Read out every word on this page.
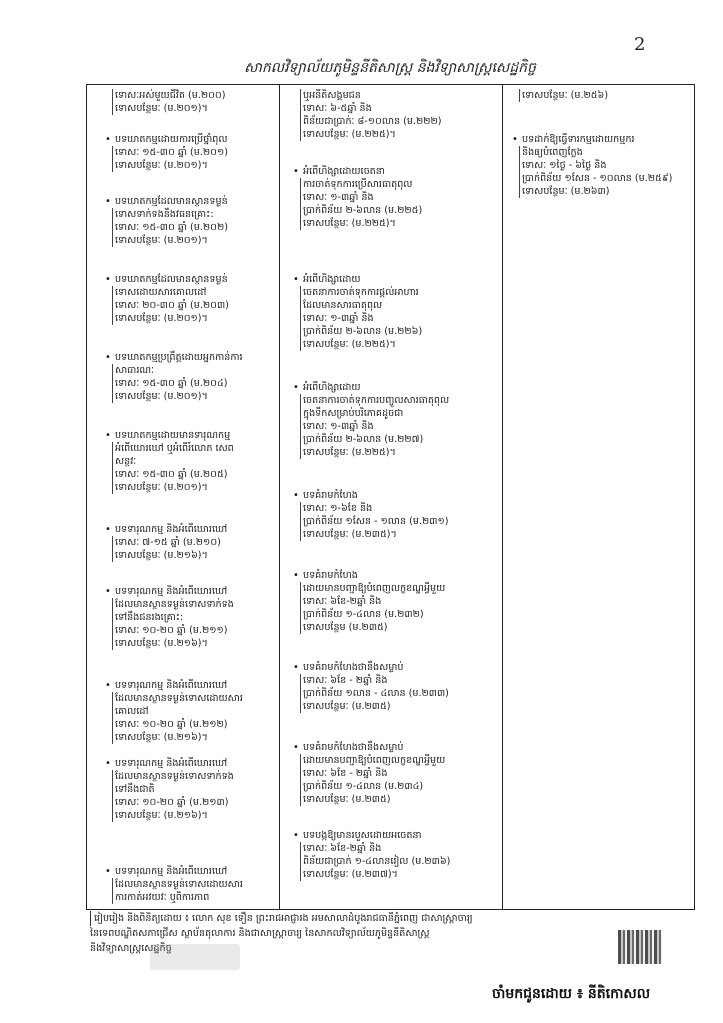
2
សាកលវិទ្យាល័យភូមិន្ទនីតិសាស្ត្រ និងវិទ្យាសាស្ត្រសេដ្ឋកិច្ច
ទោសៈអស់មួយជីវិត (ម.២០០)
ទោសបន្ថែមៈ (ម.២០១)។
• បទឃាតកម្មដោយការប្រើថ្នាំពុល
ទោសៈ ១៥-៣០ ឆ្នាំ (ម.២០១)
ទោសបន្ថែមៈ (ម.២០១)។
• បទឃាតកម្មដែលមានស្ថានទម្ងន់
ទោសទាក់ទងនឹងវធនគ្រោះ:
ទោសៈ ១៥-៣០ ឆ្នាំ (ម.២០២)
ទោសបន្ថែមៈ (ម.២០១)។
• បទឃាតកម្មដែលមានស្ថានទម្ងន់
ទោសដោយសារគោលដៅ
ទោសៈ ២០-៣០ ឆ្នាំ (ម.២០៣)
ទោសបន្ថែមៈ (ម.២០១)។
• បទឃាតកម្មប្រព្រឹត្តដោយអ្នកកាន់ការ
សាធារណៈ
ទោសៈ ១៥-៣០ ឆ្នាំ (ម.២០៤)
ទោសបន្ថែមៈ (ម.២០១)។
• បទឃាតកម្មដោយមានទារុណកម្ម
អំពើឃោរឃៅ ឬអំពើរំលោភ សេព
សន្ថវៈ
ទោសៈ ១៥-៣០ ឆ្នាំ (ម.២០៥)
ទោសបន្ថែមៈ (ម.២០១)។
• បទទារុណកម្ម និងអំពើឃោរឃៅ
ទោសៈ ៧-១៥ ឆ្នាំ (ម.២១០)
ទោសបន្ថែមៈ (ម.២១៦)។
• បទទារុណកម្ម និងអំពើឃោរឃៅ
ដែលមានស្ថានទម្ងន់ទោសទាក់ទង
ទៅនឹងជនរងគ្រោះ:
ទោសៈ ១០-២០ ឆ្នាំ (ម.២១១)
ទោសបន្ថែមៈ (ម.២១៦)។
• បទទារុណកម្ម និងអំពើឃោរឃៅ
ដែលមានស្ថានទម្ងន់ទោសដោយសារ
គោលដៅ
ទោសៈ ១០-២០ ឆ្នាំ (ម.២១២)
ទោសបន្ថែមៈ (ម.២១៦)។
• បទទារុណកម្ម និងអំពើឃោរឃៅ
ដែលមានស្ថានទម្ងន់ទោសទាក់ទង
ទៅនឹងជាតិ
ទោសៈ ១០-២០ ឆ្នាំ (ម.២១៣)
ទោសបន្ថែមៈ (ម.២១៦)។
• បទទារុណកម្ម និងអំពើឃោរឃៅ
ដែលមានស្ថានទម្ងន់ទោសដោយសារ
ការកាត់អវយវៈ ឬពិការភាព
ឬអនីតិសង្គមជន
ទោសៈ ៦-៥ឆ្នាំ និង
ពិន័យជាប្រាក់ៈ ៨-១០លាន (ម.២២២)
ទោសបន្ថែមៈ (ម.២២៥)។
• អំពើហិង្សាដោយចេតនា
ការចាត់ទុកការប្រើសារធាតុពុល
ទោសៈ ១-៣ឆ្នាំ និង
ប្រាក់ពិន័យ ២-៦លាន (ម.២២៥)
ទោសបន្ថែមៈ (ម.២២៥)។
• អំពើហិង្សាដោយ
ចេតនាការចាត់ទុកការផ្តល់អាហារ
ដែលមានសារធាតុពុល
ទោសៈ ១-៣ឆ្នាំ និង
ប្រាក់ពិន័យ ២-៦លាន (ម.២២៦)
ទោសបន្ថែមៈ (ម.២២៥)។
• អំពើហិង្សាដោយ
ចេតនាការចាត់ទុកការបញ្ចូលសារធាតុពុល
ក្នុងទឹកសម្រាប់បរិភោគដូចជា
ទោសៈ ១-៣ឆ្នាំ និង
ប្រាក់ពិន័យ ២-៦លាន (ម.២២៧)
ទោសបន្ថែមៈ (ម.២២៥)។
• បទគំរាមកំហែង
ទោសៈ ១-៦ខែ និង
ប្រាក់ពិន័យ ១សែន - ១លាន (ម.២៣១)
ទោសបន្ថែមៈ (ម.២៣៥)។
• បទគំរាមកំហែង
ដោយមានបញ្ជាឱ្យបំពេញលក្ខខណ្ឌអ្វីមួយ
ទោសៈ ៦ខែ-២ឆ្នាំ និង
ប្រាក់ពិន័យ ១-៤លាន (ម.២៣២)
ទោសបន្ថែម (ម.២៣៥)
• បទគំរាមកំហែងថានឹងសម្លាប់
ទោសៈ ៦ខែ - ២ឆ្នាំ និង
ប្រាក់ពិន័យ ១លាន - ៤លាន (ម.២៣៣)
ទោសបន្ថែមៈ (ម.២៣៥)
• បទគំរាមកំហែងថានឹងសម្លាប់
ដោយមានបញ្ជាឱ្យបំពេញលក្ខខណ្ឌអ្វីមួយ
ទោសៈ ៦ខែ - ២ឆ្នាំ និង
ប្រាក់ពិន័យ ១-៤លាន (ម.២៣៤)
ទោសបន្ថែមៈ (ម.២៣៥)
• បទបង្កឱ្យមានរបួសដោយអចេតនា
ទោសៈ ៦ខែ-២ឆ្នាំ និង
ពិន័យជាប្រាក់ ១-៤លានរៀល (ម.២៣៦)
ទោសបន្ថែមៈ (ម.២៣៧)។
ទោសបន្ថែមៈ (ម.២៥៦)
• បទដាក់ឱ្យធ្វើទារកម្មដោយកម្មករ
និងឲ្យបំពេញក្លែង
ទោសៈ ១ថ្ងៃ - ៦ថ្ងៃ និង
ប្រាក់ពិន័យ ១សែន - ១០លាន (ម.២៥៩)
ទោសបន្ថែមៈ (ម.២៦៣)
រៀបរៀង និងពិនិត្យដោយ ៖ លោក សុខ ទឿន ព្រះរាជអាជ្ញារង អមសាលាដំបូងរាជធានីភ្នំពេញ ជាសាស្ត្រាចារ្យ
នៃទេពបណ្ឌិតសភាជ្រើស ស្ថាប័នតុលាការ និងជាសាស្ត្រាចារ្យ នៃសាកលវិទ្យាល័យភូមិន្ទនីតិសាស្ត្រ
និងវិទ្យាសាស្ត្រសេដ្ឋកិច្ច
ចាំមកជូនដោយ ៖ នីតិកោសល
